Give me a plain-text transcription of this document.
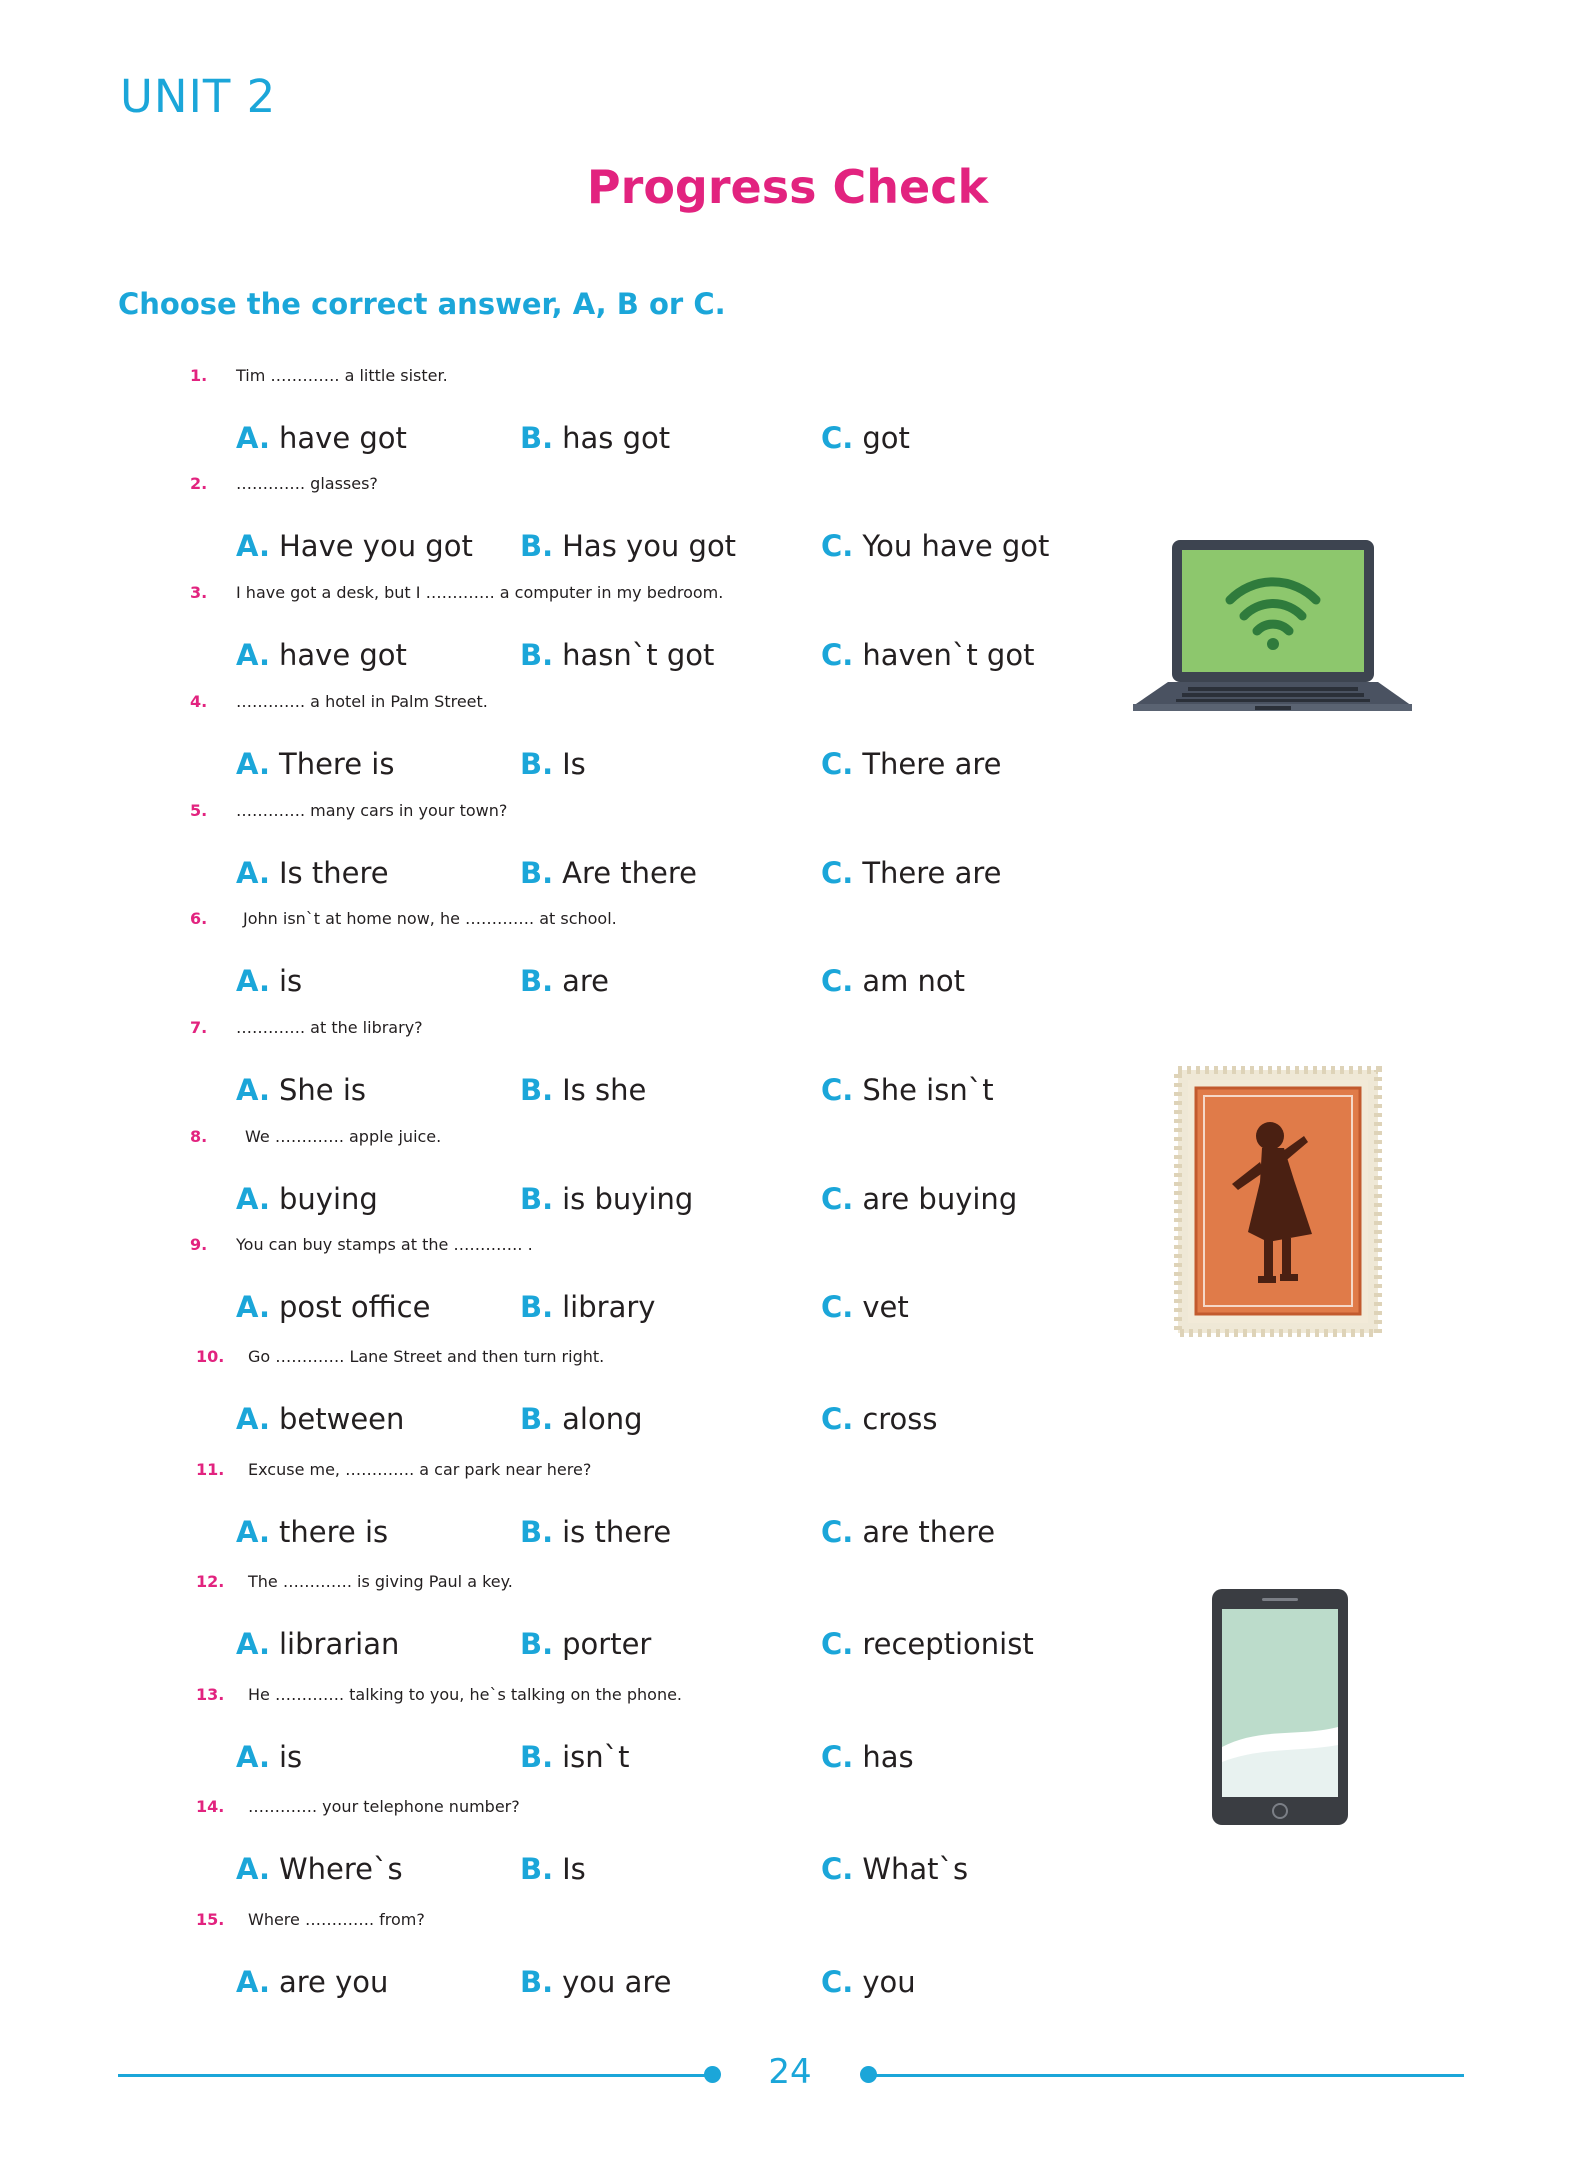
UNIT 2
Progress Check
Choose the correct answer, A, B or C.
1. Tim …………. a little sister.
A. have got	B. has got	C. got
2. …………. glasses?
A. Have you got B. Has you got	C. You have got
3. I have got a desk, but I …………. a computer in my bedroom.
A. have got	B. hasn`t got	C. haven`t got
4. …………. a hotel in Palm Street.
A. There is	B. Is	C. There are
5. …………. many cars in your town?
A. Is there	B. Are there	C. There are
6. John isn`t at home now, he …………. at school.
A. is	B. are	C. am not
7. …………. at the library?
A. She is	B. Is she	C. She isn`t
8. We …………. apple juice.
A. buying	B. is buying	C. are buying
9. You can buy stamps at the …………. .
A. post office	B. library	C. vet
10. Go …………. Lane Street and then turn right.
A. between	B. along	C. cross
11. Excuse me, …………. a car park near here?
A. there is	B. is there	C. are there
12. The …………. is giving Paul a key.
A. librarian	B. porter	C. receptionist
13. He …………. talking to you, he`s talking on the phone.
A. is	B. isn`t	C. has
14. …………. your telephone number?
A. Where`s	B. Is	C. What`s
15. Where …………. from?
A. are you	B. you are	C. you
24
